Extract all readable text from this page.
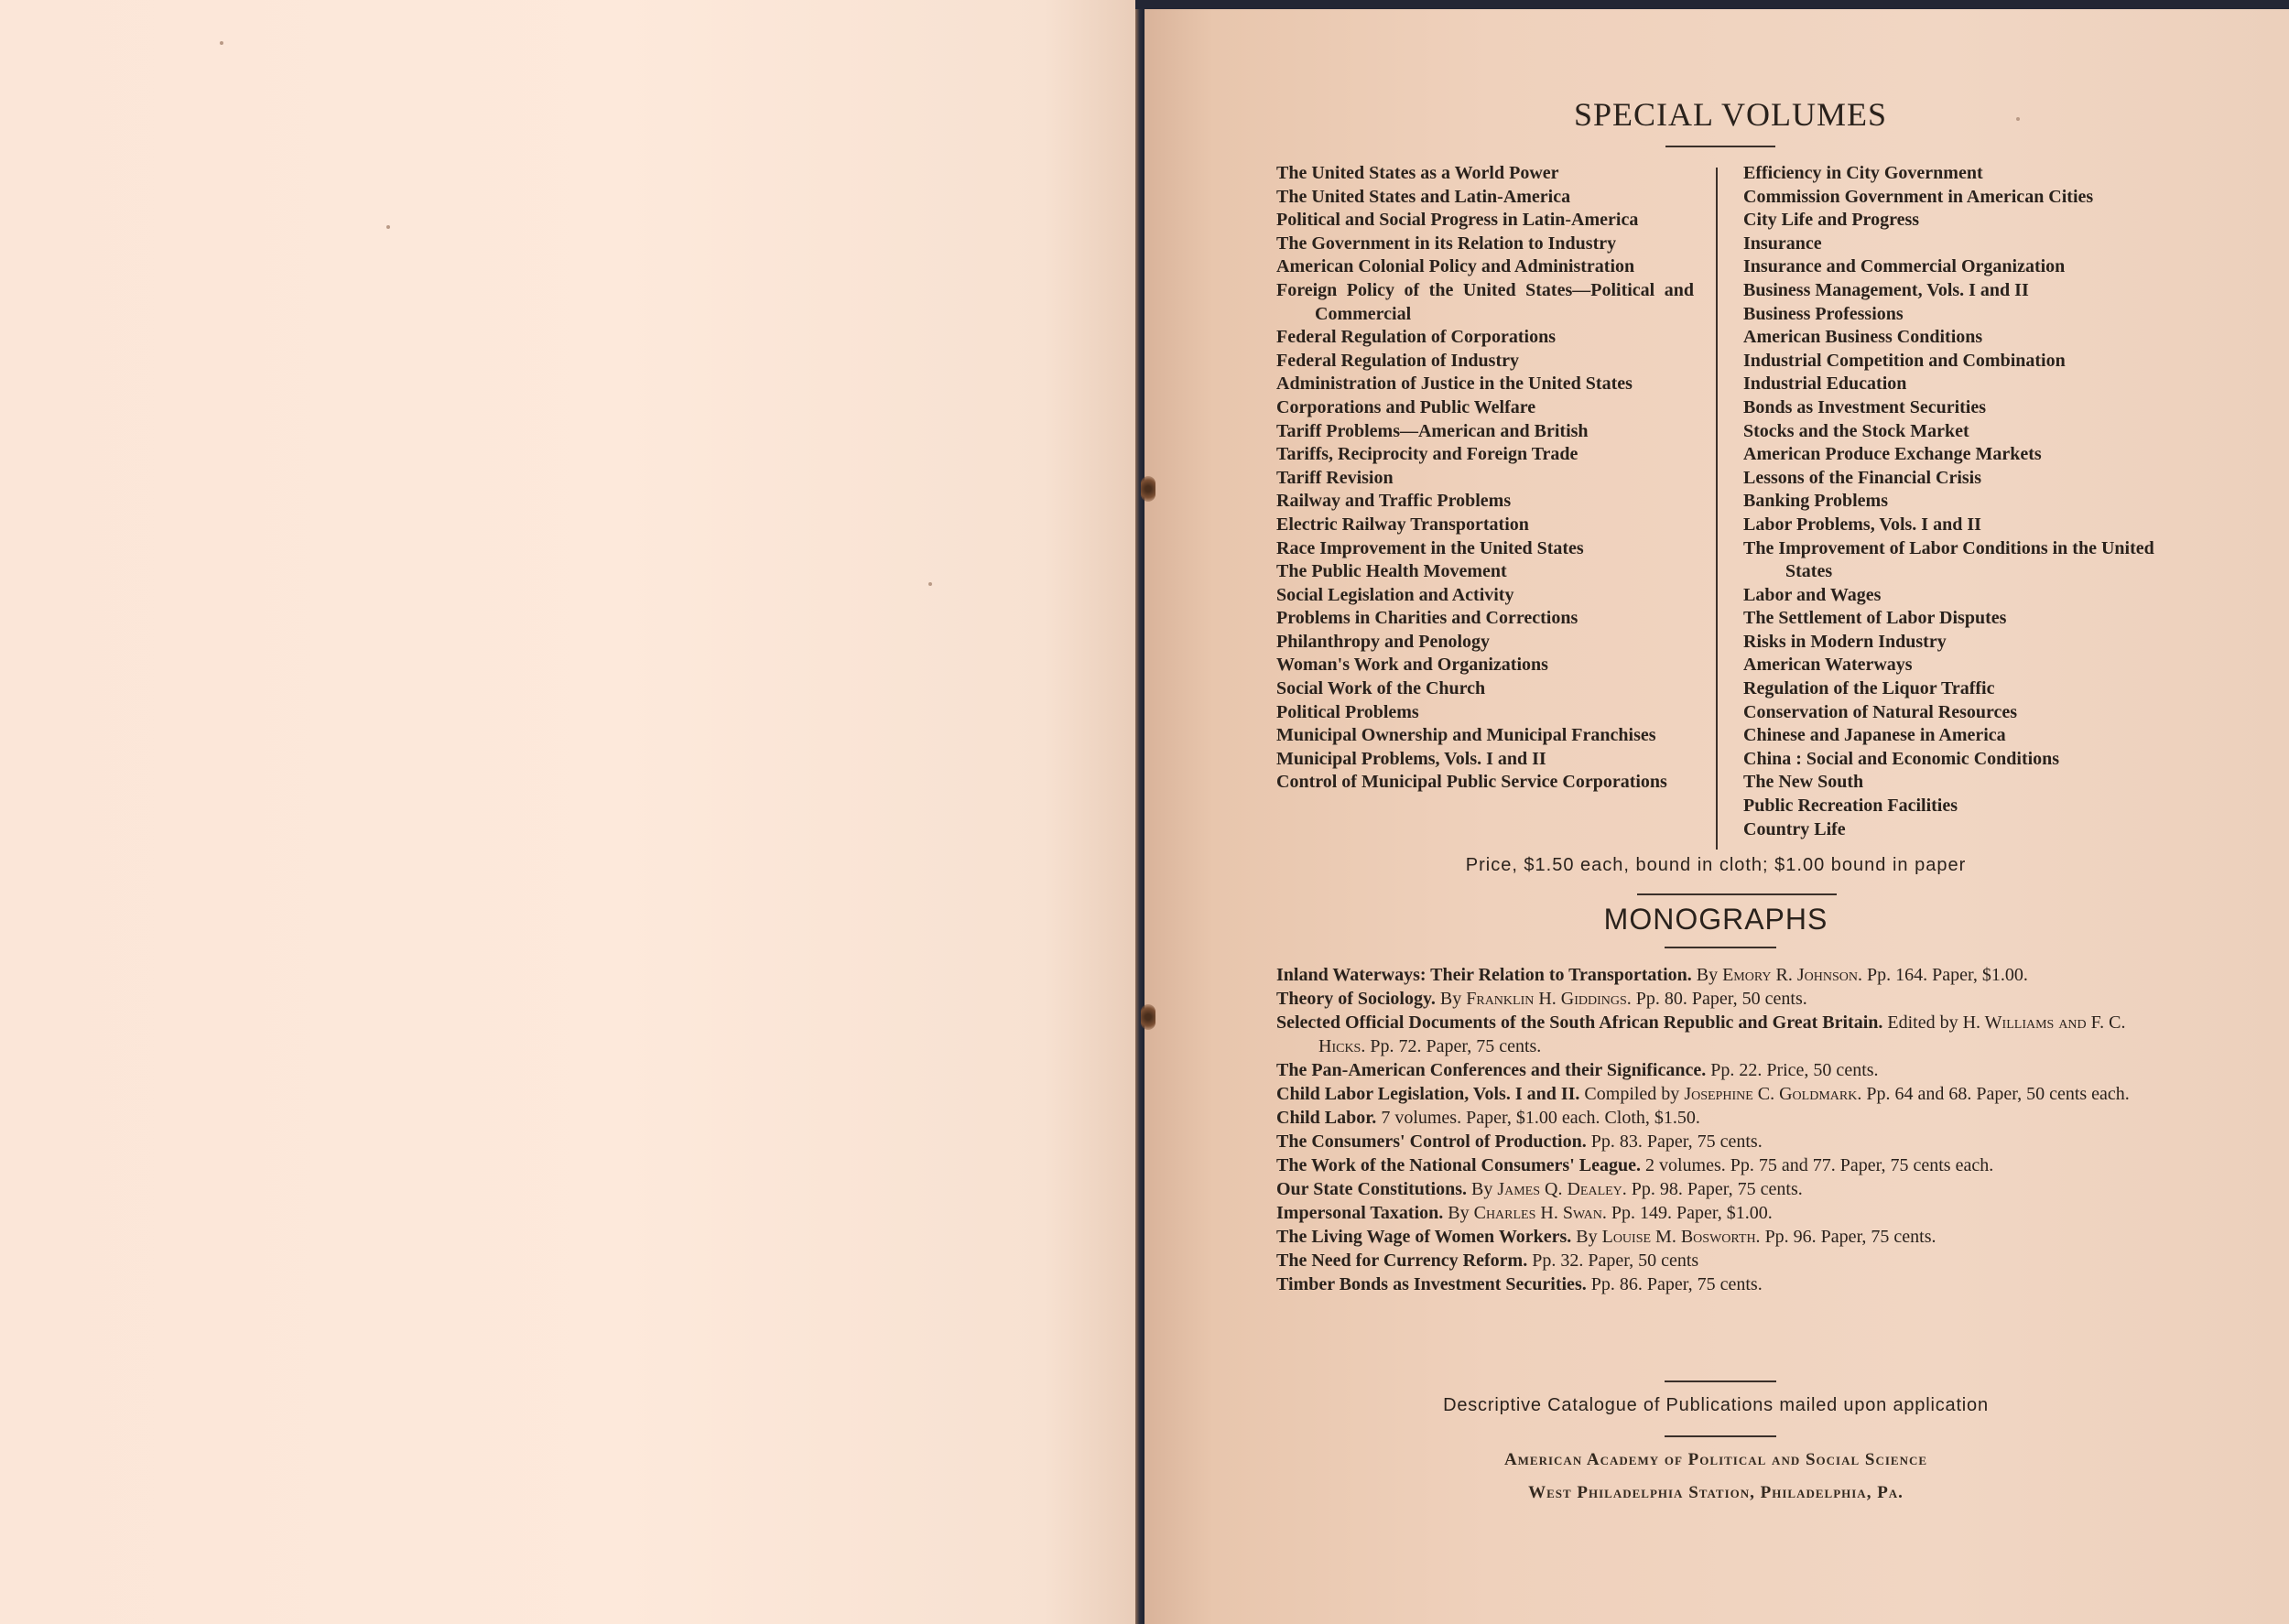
SPECIAL VOLUMES
The United States as a World Power
The United States and Latin-America
Political and Social Progress in Latin-America
The Government in its Relation to Industry
American Colonial Policy and Administration
Foreign Policy of the United States—Political and Commercial
Federal Regulation of Corporations
Federal Regulation of Industry
Administration of Justice in the United States
Corporations and Public Welfare
Tariff Problems—American and British
Tariffs, Reciprocity and Foreign Trade
Tariff Revision
Railway and Traffic Problems
Electric Railway Transportation
Race Improvement in the United States
The Public Health Movement
Social Legislation and Activity
Problems in Charities and Corrections
Philanthropy and Penology
Woman's Work and Organizations
Social Work of the Church
Political Problems
Municipal Ownership and Municipal Franchises
Municipal Problems, Vols. I and II
Control of Municipal Public Service Corporations
Efficiency in City Government
Commission Government in American Cities
City Life and Progress
Insurance
Insurance and Commercial Organization
Business Management, Vols. I and II
Business Professions
American Business Conditions
Industrial Competition and Combination
Industrial Education
Bonds as Investment Securities
Stocks and the Stock Market
American Produce Exchange Markets
Lessons of the Financial Crisis
Banking Problems
Labor Problems, Vols. I and II
The Improvement of Labor Conditions in the United States
Labor and Wages
The Settlement of Labor Disputes
Risks in Modern Industry
American Waterways
Regulation of the Liquor Traffic
Conservation of Natural Resources
Chinese and Japanese in America
China : Social and Economic Conditions
The New South
Public Recreation Facilities
Country Life
Price, $1.50 each, bound in cloth; $1.00 bound in paper
MONOGRAPHS
Inland Waterways: Their Relation to Transportation. By Emory R. Johnson. Pp. 164. Paper, $1.00.
Theory of Sociology. By Franklin H. Giddings. Pp. 80. Paper, 50 cents.
Selected Official Documents of the South African Republic and Great Britain. Edited by H. Williams and F. C. Hicks. Pp. 72. Paper, 75 cents.
The Pan-American Conferences and their Significance. Pp. 22. Price, 50 cents.
Child Labor Legislation, Vols. I and II. Compiled by Josephine C. Goldmark. Pp. 64 and 68. Paper, 50 cents each.
Child Labor. 7 volumes. Paper, $1.00 each. Cloth, $1.50.
The Consumers' Control of Production. Pp. 83. Paper, 75 cents.
The Work of the National Consumers' League. 2 volumes. Pp. 75 and 77. Paper, 75 cents each.
Our State Constitutions. By James Q. Dealey. Pp. 98. Paper, 75 cents.
Impersonal Taxation. By Charles H. Swan. Pp. 149. Paper, $1.00.
The Living Wage of Women Workers. By Louise M. Bosworth. Pp. 96. Paper, 75 cents.
The Need for Currency Reform. Pp. 32. Paper, 50 cents
Timber Bonds as Investment Securities. Pp. 86. Paper, 75 cents.
Descriptive Catalogue of Publications mailed upon application
American Academy of Political and Social Science
West Philadelphia Station, Philadelphia, Pa.
